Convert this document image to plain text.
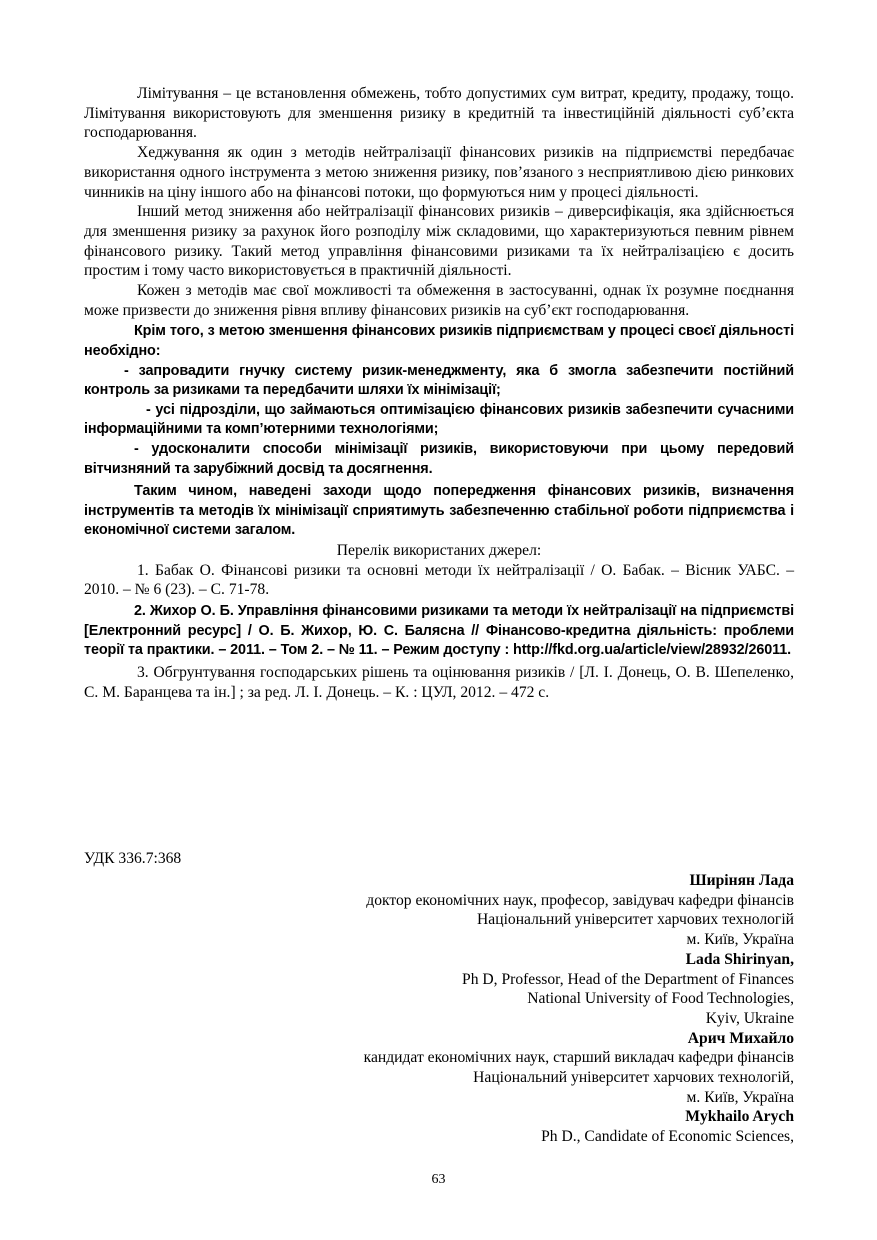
Лімітування – це встановлення обмежень, тобто допустимих сум витрат, кредиту, продажу, тощо. Лімітування використовують для зменшення ризику в кредитній та інвестиційній діяльності суб’єкта господарювання.

Хеджування як один з методів нейтралізації фінансових ризиків на підприємстві передбачає використання одного інструмента з метою зниження ризику, пов’язаного з несприятливою дією ринкових чинників на ціну іншого або на фінансові потоки, що формуються ним у процесі діяльності.

Інший метод зниження або нейтралізації фінансових ризиків – диверсифікація, яка здійснюється для зменшення ризику за рахунок його розподілу між складовими, що характеризуються певним рівнем фінансового ризику. Такий метод управління фінансовими ризиками та їх нейтралізацією є досить простим і тому часто використовується в практичній діяльності.

Кожен з методів має свої можливості та обмеження в застосуванні, однак їх розумне поєднання може призвести до зниження рівня впливу фінансових ризиків на суб’єкт господарювання.

Крім того, з метою зменшення фінансових ризиків підприємствам у процесі своєї діяльності необхідно:

- запровадити гнучку систему ризик-менеджменту, яка б змогла забезпечити постійний контроль за ризиками та передбачити шляхи їх мінімізації;

- усі підрозділи, що займаються оптимізацією фінансових ризиків забезпечити сучасними інформаційними та комп’ютерними технологіями;

- удосконалити способи мінімізації ризиків, використовуючи при цьому передовий вітчизняний та зарубіжний досвід та досягнення.

Таким чином, наведені заходи щодо попередження фінансових ризиків, визначення інструментів та методів їх мінімізації сприятимуть забезпеченню стабільної роботи підприємства і економічної системи загалом.

Перелік використаних джерел:

1. Бабак О. Фінансові ризики та основні методи їх нейтралізації / О. Бабак. – Вісник УАБС. – 2010. – № 6 (23). – С. 71-78.

2. Жихор О. Б. Управління фінансовими ризиками та методи їх нейтралізації на підприємстві [Електронний ресурс] / О. Б. Жихор, Ю. С. Балясна // Фінансово-кредитна діяльність: проблеми теорії та практики. – 2011. – Том 2. – № 11. – Режим доступу : http://fkd.org.ua/article/view/28932/26011.

3. Обгрунтування господарських рішень та оцінювання ризиків / [Л. І. Донець, О. В. Шепеленко, С. М. Баранцева та ін.] ; за ред. Л. І. Донець. – К. : ЦУЛ, 2012. – 472 с.

УДК 336.7:368
Ширінян Лада
доктор економічних наук, професор, завідувач кафедри фінансів
Національний університет харчових технологій
м. Київ, Україна
Lada Shirinyan,
Ph D, Professor, Head of the Department of Finances
National University of Food Technologies,
Kyiv, Ukraine
Арич Михайло
кандидат економічних наук, старший викладач кафедри фінансів
Національний університет харчових технологій,
м. Київ, Україна
Mykhailo Arych
Ph D., Candidate of Economic Sciences,
63
